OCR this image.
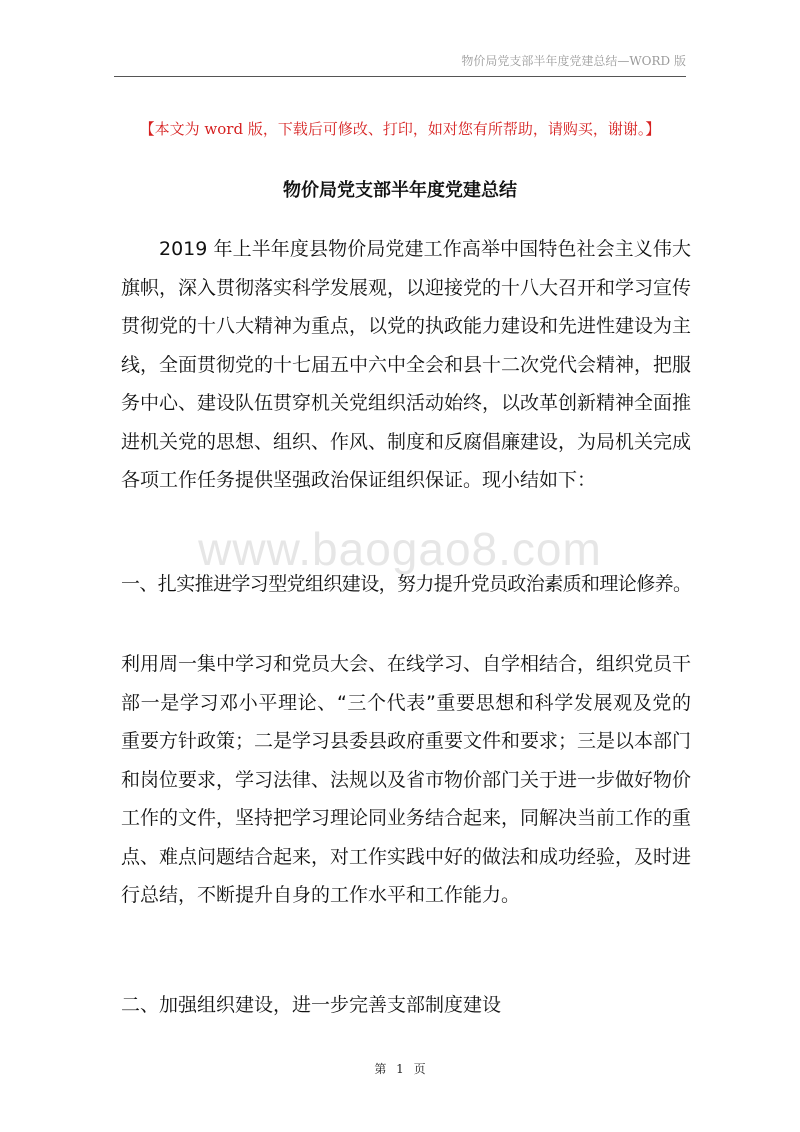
物价局党支部半年度党建总结—WORD 版
【本文为 word 版，下载后可修改、打印，如对您有所帮助，请购买，谢谢。】
物价局党支部半年度党建总结

2019 年上半年度县物价局党建工作高举中国特色社会主义伟大旗帜，深入贯彻落实科学发展观，以迎接党的十八大召开和学习宣传贯彻党的十八大精神为重点，以党的执政能力建设和先进性建设为主线，全面贯彻党的十七届五中六中全会和县十二次党代会精神，把服务中心、建设队伍贯穿机关党组织活动始终，以改革创新精神全面推进机关党的思想、组织、作风、制度和反腐倡廉建设，为局机关完成各项工作任务提供坚强政治保证组织保证。现小结如下：

www.baogao8.com

一、扎实推进学习型党组织建设，努力提升党员政治素质和理论修养。

利用周一集中学习和党员大会、在线学习、自学相结合，组织党员干部一是学习邓小平理论、“三个代表”重要思想和科学发展观及党的重要方针政策；二是学习县委县政府重要文件和要求；三是以本部门和岗位要求，学习法律、法规以及省市物价部门关于进一步做好物价工作的文件，坚持把学习理论同业务结合起来，同解决当前工作的重点、难点问题结合起来，对工作实践中好的做法和成功经验，及时进行总结，不断提升自身的工作水平和工作能力。

二、加强组织建设，进一步完善支部制度建设

第 1 页
